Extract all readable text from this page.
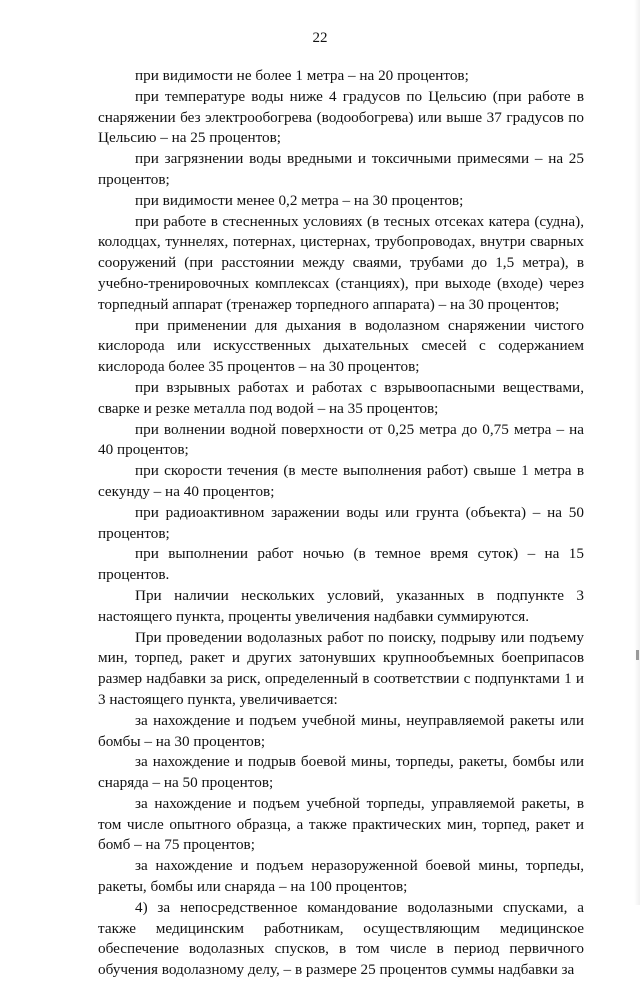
22

при видимости не более 1 метра – на 20 процентов;

при температуре воды ниже 4 градусов по Цельсию (при работе в снаряжении без электрообогрева (водообогрева) или выше 37 градусов по Цельсию – на 25 процентов;

при загрязнении воды вредными и токсичными примесями – на 25 процентов;

при видимости менее 0,2 метра – на 30 процентов;

при работе в стесненных условиях (в тесных отсеках катера (судна), колодцах, туннелях, потернах, цистернах, трубопроводах, внутри сварных сооружений (при расстоянии между сваями, трубами до 1,5 метра), в учебно-тренировочных комплексах (станциях), при выходе (входе) через торпедный аппарат (тренажер торпедного аппарата) – на 30 процентов;

при применении для дыхания в водолазном снаряжении чистого кислорода или искусственных дыхательных смесей с содержанием кислорода более 35 процентов – на 30 процентов;

при взрывных работах и работах с взрывоопасными веществами, сварке и резке металла под водой – на 35 процентов;

при волнении водной поверхности от 0,25 метра до 0,75 метра – на 40 процентов;

при скорости течения (в месте выполнения работ) свыше 1 метра в секунду – на 40 процентов;

при радиоактивном заражении воды или грунта (объекта) – на 50 процентов;

при выполнении работ ночью (в темное время суток) – на 15 процентов.

При наличии нескольких условий, указанных в подпункте 3 настоящего пункта, проценты увеличения надбавки суммируются.

При проведении водолазных работ по поиску, подрыву или подъему мин, торпед, ракет и других затонувших крупнообъемных боеприпасов размер надбавки за риск, определенный в соответствии с подпунктами 1 и 3 настоящего пункта, увеличивается:

за нахождение и подъем учебной мины, неуправляемой ракеты или бомбы – на 30 процентов;

за нахождение и подрыв боевой мины, торпеды, ракеты, бомбы или снаряда – на 50 процентов;

за нахождение и подъем учебной торпеды, управляемой ракеты, в том числе опытного образца, а также практических мин, торпед, ракет и бомб – на 75 процентов;

за нахождение и подъем неразоруженной боевой мины, торпеды, ракеты, бомбы или снаряда – на 100 процентов;

4) за непосредственное командование водолазными спусками, а также медицинским работникам, осуществляющим медицинское обеспечение водолазных спусков, в том числе в период первичного обучения водолазному делу, – в размере 25 процентов суммы надбавки за
